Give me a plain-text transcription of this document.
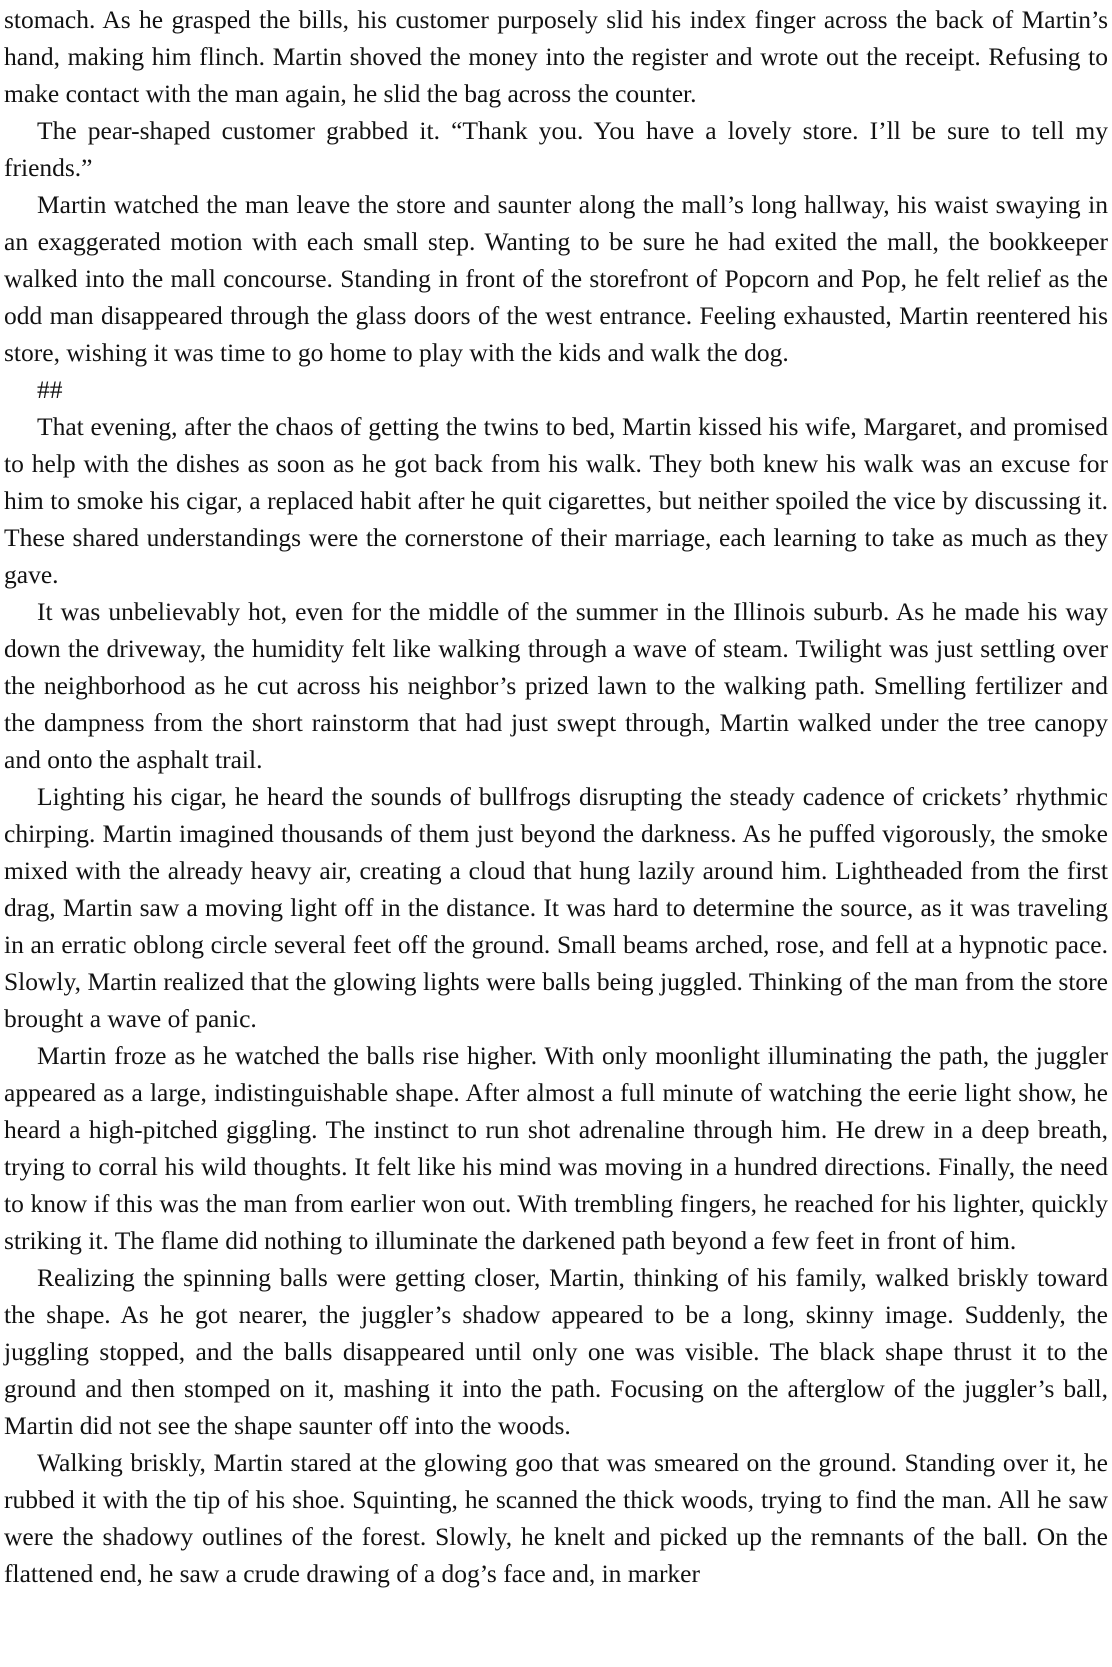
stomach. As he grasped the bills, his customer purposely slid his index finger across the back of Martin’s hand, making him flinch. Martin shoved the money into the register and wrote out the receipt. Refusing to make contact with the man again, he slid the bag across the counter.

The pear-shaped customer grabbed it. “Thank you. You have a lovely store. I’ll be sure to tell my friends.”

Martin watched the man leave the store and saunter along the mall’s long hallway, his waist swaying in an exaggerated motion with each small step. Wanting to be sure he had exited the mall, the bookkeeper walked into the mall concourse. Standing in front of the storefront of Popcorn and Pop, he felt relief as the odd man disappeared through the glass doors of the west entrance. Feeling exhausted, Martin reentered his store, wishing it was time to go home to play with the kids and walk the dog.

##

That evening, after the chaos of getting the twins to bed, Martin kissed his wife, Margaret, and promised to help with the dishes as soon as he got back from his walk. They both knew his walk was an excuse for him to smoke his cigar, a replaced habit after he quit cigarettes, but neither spoiled the vice by discussing it. These shared understandings were the cornerstone of their marriage, each learning to take as much as they gave.

It was unbelievably hot, even for the middle of the summer in the Illinois suburb. As he made his way down the driveway, the humidity felt like walking through a wave of steam. Twilight was just settling over the neighborhood as he cut across his neighbor’s prized lawn to the walking path. Smelling fertilizer and the dampness from the short rainstorm that had just swept through, Martin walked under the tree canopy and onto the asphalt trail.

Lighting his cigar, he heard the sounds of bullfrogs disrupting the steady cadence of crickets’ rhythmic chirping. Martin imagined thousands of them just beyond the darkness. As he puffed vigorously, the smoke mixed with the already heavy air, creating a cloud that hung lazily around him. Lightheaded from the first drag, Martin saw a moving light off in the distance. It was hard to determine the source, as it was traveling in an erratic oblong circle several feet off the ground. Small beams arched, rose, and fell at a hypnotic pace. Slowly, Martin realized that the glowing lights were balls being juggled. Thinking of the man from the store brought a wave of panic.

Martin froze as he watched the balls rise higher. With only moonlight illuminating the path, the juggler appeared as a large, indistinguishable shape. After almost a full minute of watching the eerie light show, he heard a high-pitched giggling. The instinct to run shot adrenaline through him. He drew in a deep breath, trying to corral his wild thoughts. It felt like his mind was moving in a hundred directions. Finally, the need to know if this was the man from earlier won out. With trembling fingers, he reached for his lighter, quickly striking it. The flame did nothing to illuminate the darkened path beyond a few feet in front of him.

Realizing the spinning balls were getting closer, Martin, thinking of his family, walked briskly toward the shape. As he got nearer, the juggler’s shadow appeared to be a long, skinny image. Suddenly, the juggling stopped, and the balls disappeared until only one was visible. The black shape thrust it to the ground and then stomped on it, mashing it into the path. Focusing on the afterglow of the juggler’s ball, Martin did not see the shape saunter off into the woods.

Walking briskly, Martin stared at the glowing goo that was smeared on the ground. Standing over it, he rubbed it with the tip of his shoe. Squinting, he scanned the thick woods, trying to find the man. All he saw were the shadowy outlines of the forest. Slowly, he knelt and picked up the remnants of the ball. On the flattened end, he saw a crude drawing of a dog’s face and, in marker
